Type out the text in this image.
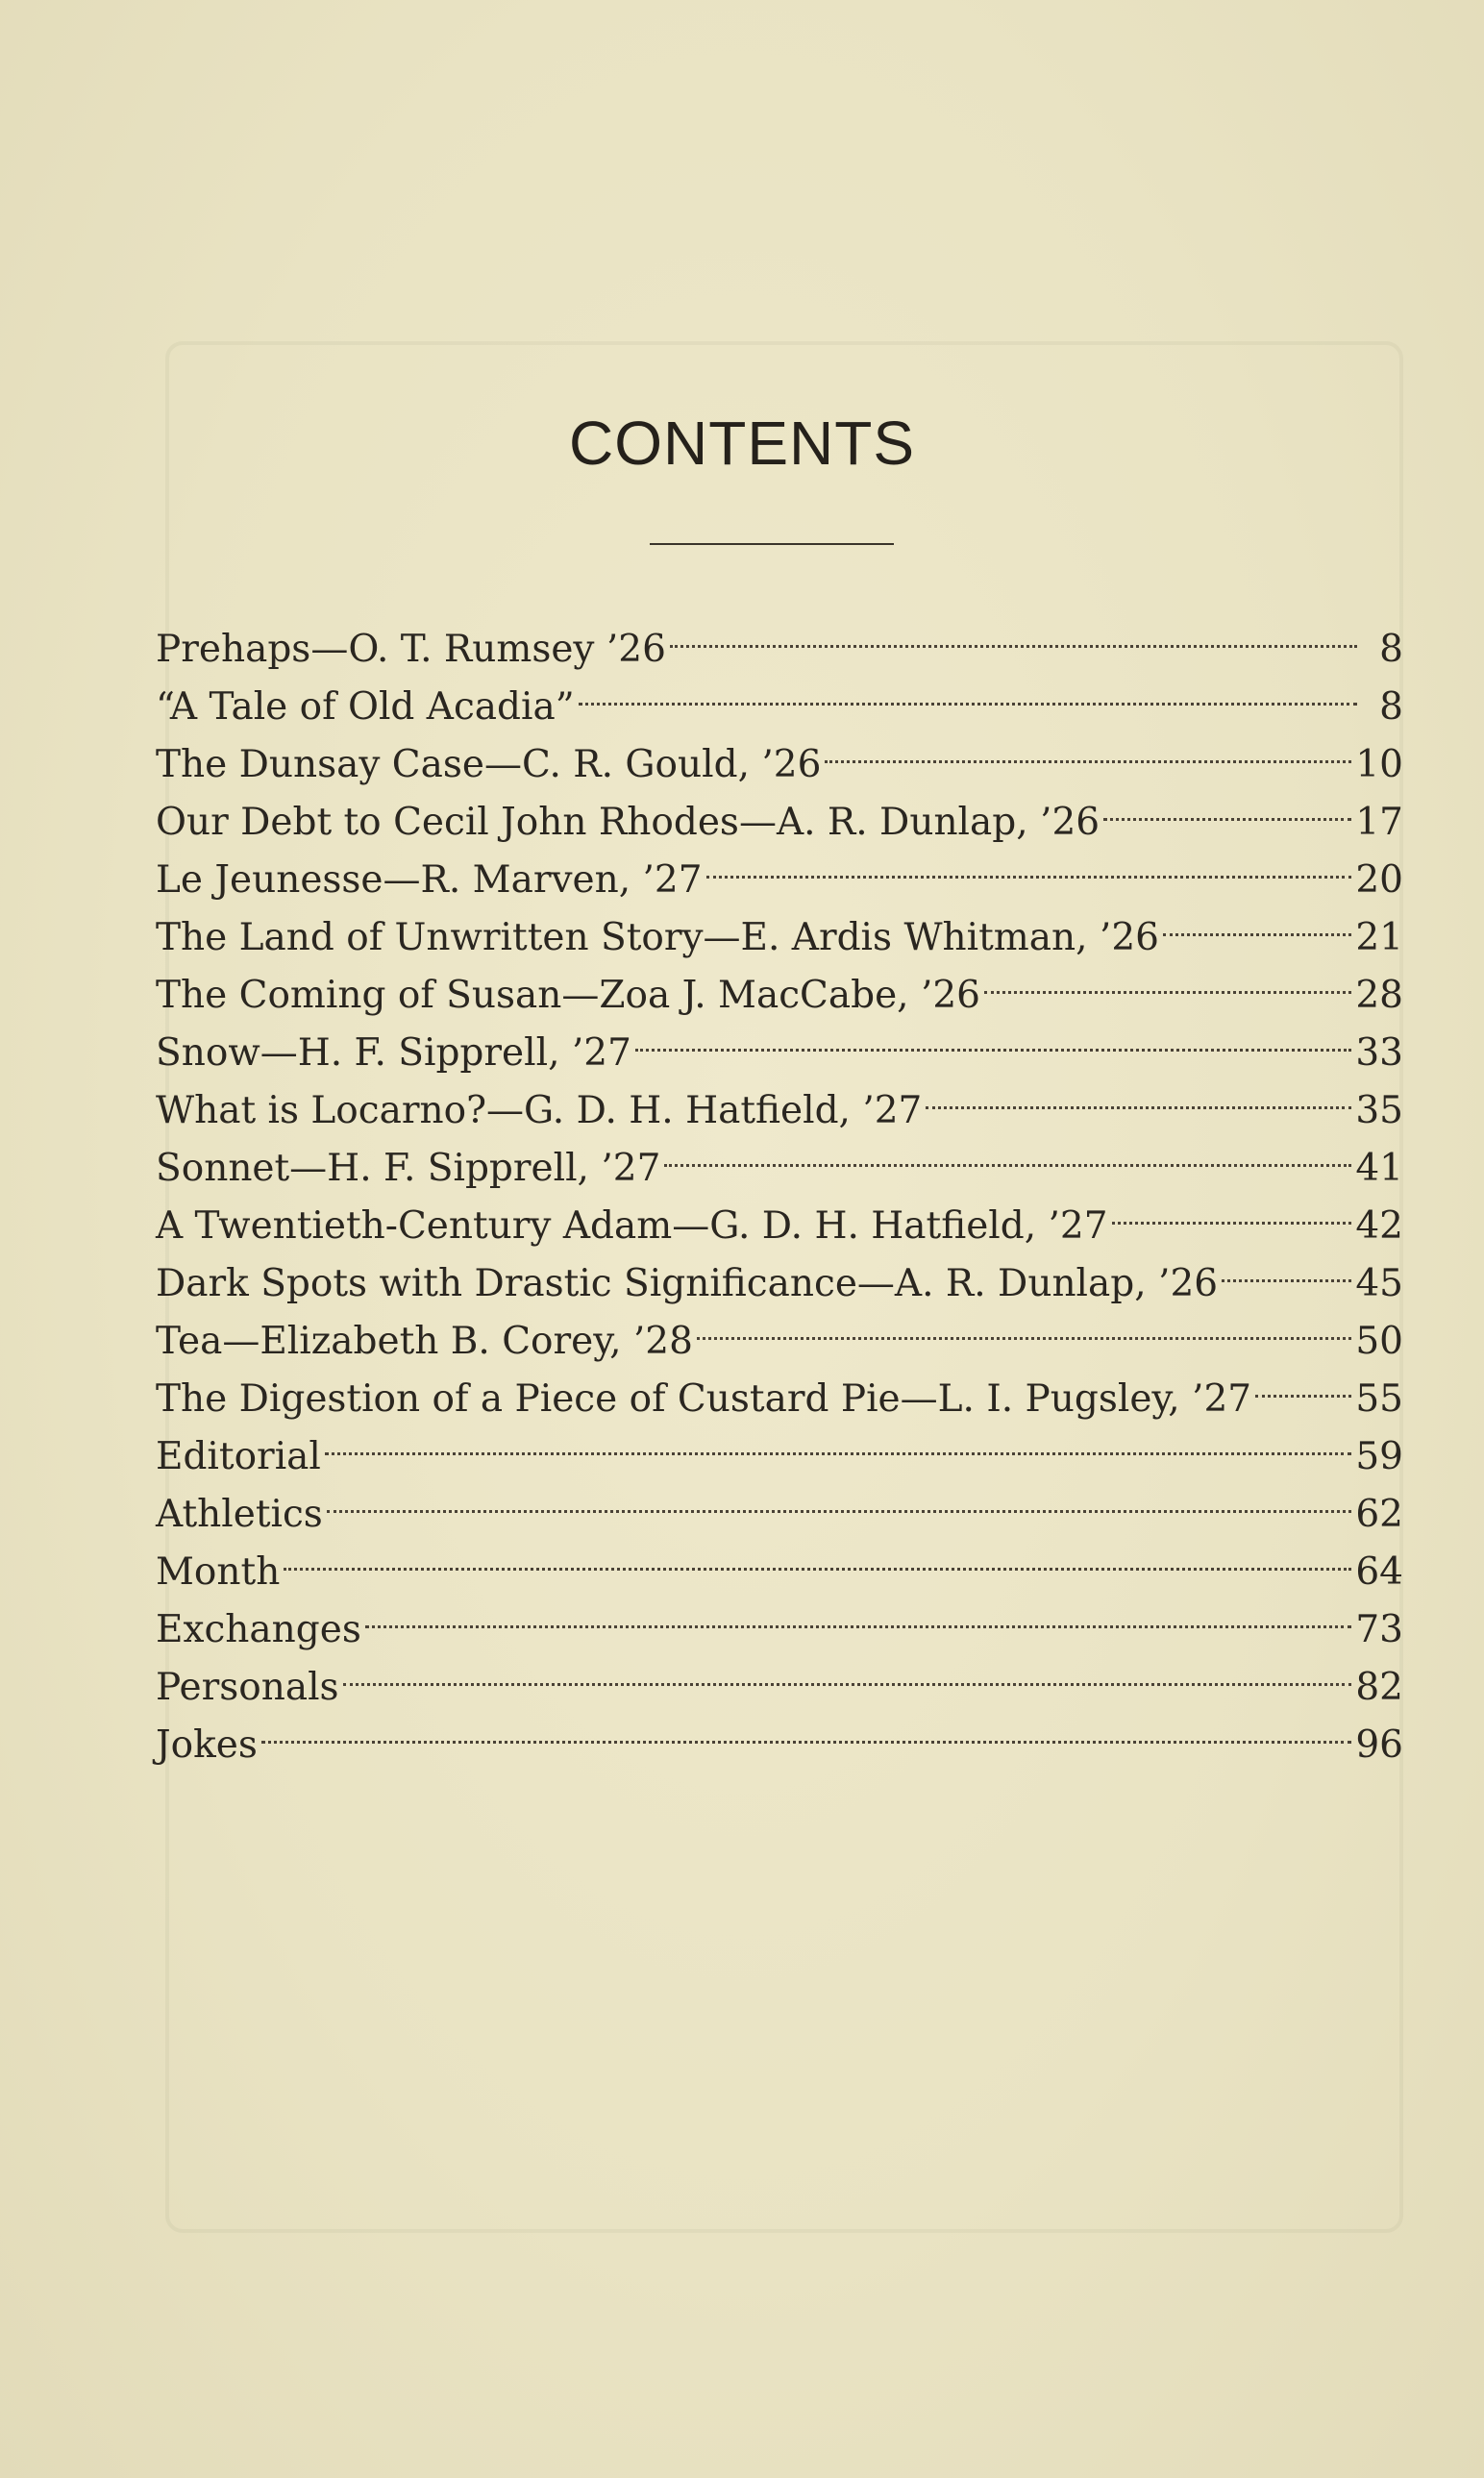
CONTENTS
Prehaps—O. T. Rumsey ’26	8
“A Tale of Old Acadia”	8
The Dunsay Case—C. R. Gould, ’26	10
Our Debt to Cecil John Rhodes—A. R. Dunlap, ’26	17
Le Jeunesse—R. Marven, ’27	20
The Land of Unwritten Story—E. Ardis Whitman, ’26	21
The Coming of Susan—Zoa J. MacCabe, ’26	28
Snow—H. F. Sipprell, ’27	33
What is Locarno?—G. D. H. Hatfield, ’27	35
Sonnet—H. F. Sipprell, ’27	41
A Twentieth-Century Adam—G. D. H. Hatfield, ’27	42
Dark Spots with Drastic Significance—A. R. Dunlap, ’26	45
Tea—Elizabeth B. Corey, ’28	50
The Digestion of a Piece of Custard Pie—L. I. Pugsley, ’27	55
Editorial	59
Athletics	62
Month	64
Exchanges	73
Personals	82
Jokes	96
